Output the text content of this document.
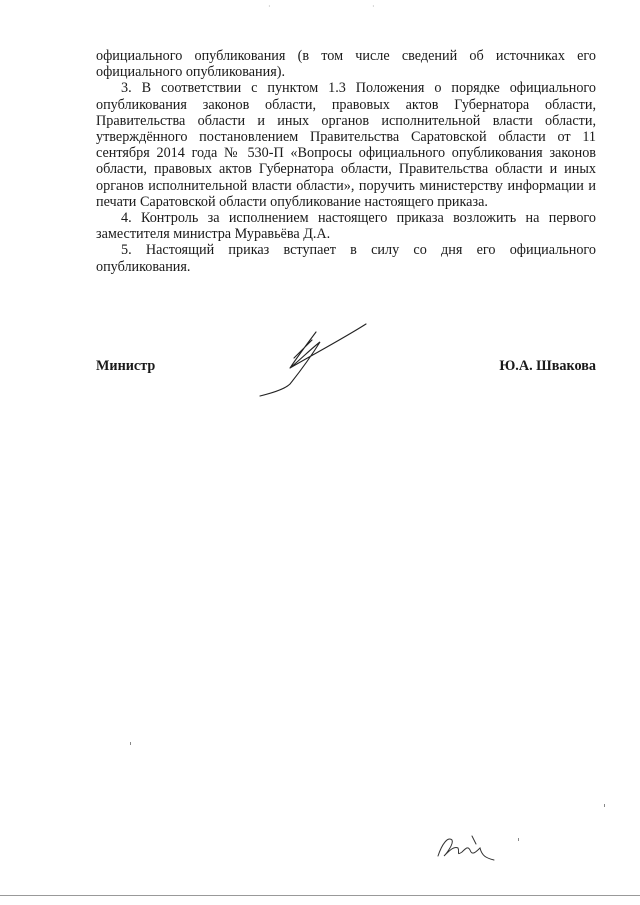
·	·

официального опубликования (в том числе сведений об источниках его официального опубликования).

3. В соответствии с пунктом 1.3 Положения о порядке официального опубликования законов области, правовых актов Губернатора области, Правительства области и иных органов исполнительной власти области, утверждённого постановлением Правительства Саратовской области от 11 сентября 2014 года № 530-П «Вопросы официального опубликования законов области, правовых актов Губернатора области, Правительства области и иных органов исполнительной власти области», поручить министерству информации и печати Саратовской области опубликование настоящего приказа.

4. Контроль за исполнением настоящего приказа возложить на первого заместителя министра Муравьёва Д.А.

5. Настоящий приказ вступает в силу со дня его официального опубликования.

Министр	Ю.А. Швакова
